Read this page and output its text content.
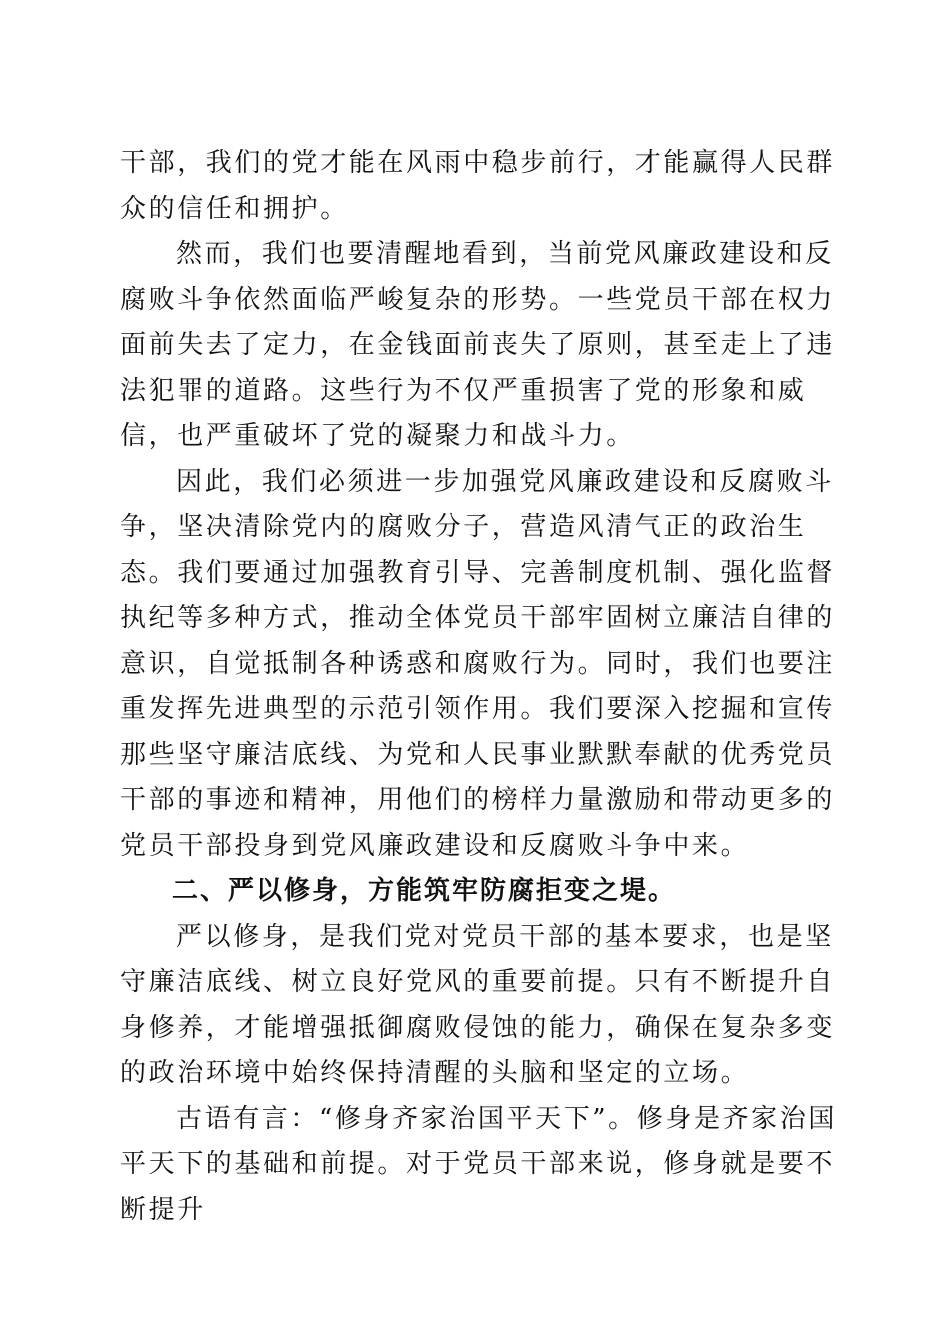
干部，我们的党才能在风雨中稳步前行，才能赢得人民群众的信任和拥护。

然而，我们也要清醒地看到，当前党风廉政建设和反腐败斗争依然面临严峻复杂的形势。一些党员干部在权力面前失去了定力，在金钱面前丧失了原则，甚至走上了违法犯罪的道路。这些行为不仅严重损害了党的形象和威信，也严重破坏了党的凝聚力和战斗力。

因此，我们必须进一步加强党风廉政建设和反腐败斗争，坚决清除党内的腐败分子，营造风清气正的政治生态。我们要通过加强教育引导、完善制度机制、强化监督执纪等多种方式，推动全体党员干部牢固树立廉洁自律的意识，自觉抵制各种诱惑和腐败行为。同时，我们也要注重发挥先进典型的示范引领作用。我们要深入挖掘和宣传那些坚守廉洁底线、为党和人民事业默默奉献的优秀党员干部的事迹和精神，用他们的榜样力量激励和带动更多的党员干部投身到党风廉政建设和反腐败斗争中来。

二、严以修身，方能筑牢防腐拒变之堤。

严以修身，是我们党对党员干部的基本要求，也是坚守廉洁底线、树立良好党风的重要前提。只有不断提升自身修养，才能增强抵御腐败侵蚀的能力，确保在复杂多变的政治环境中始终保持清醒的头脑和坚定的立场。

古语有言：“修身齐家治国平天下”。修身是齐家治国平天下的基础和前提。对于党员干部来说，修身就是要不断提升
